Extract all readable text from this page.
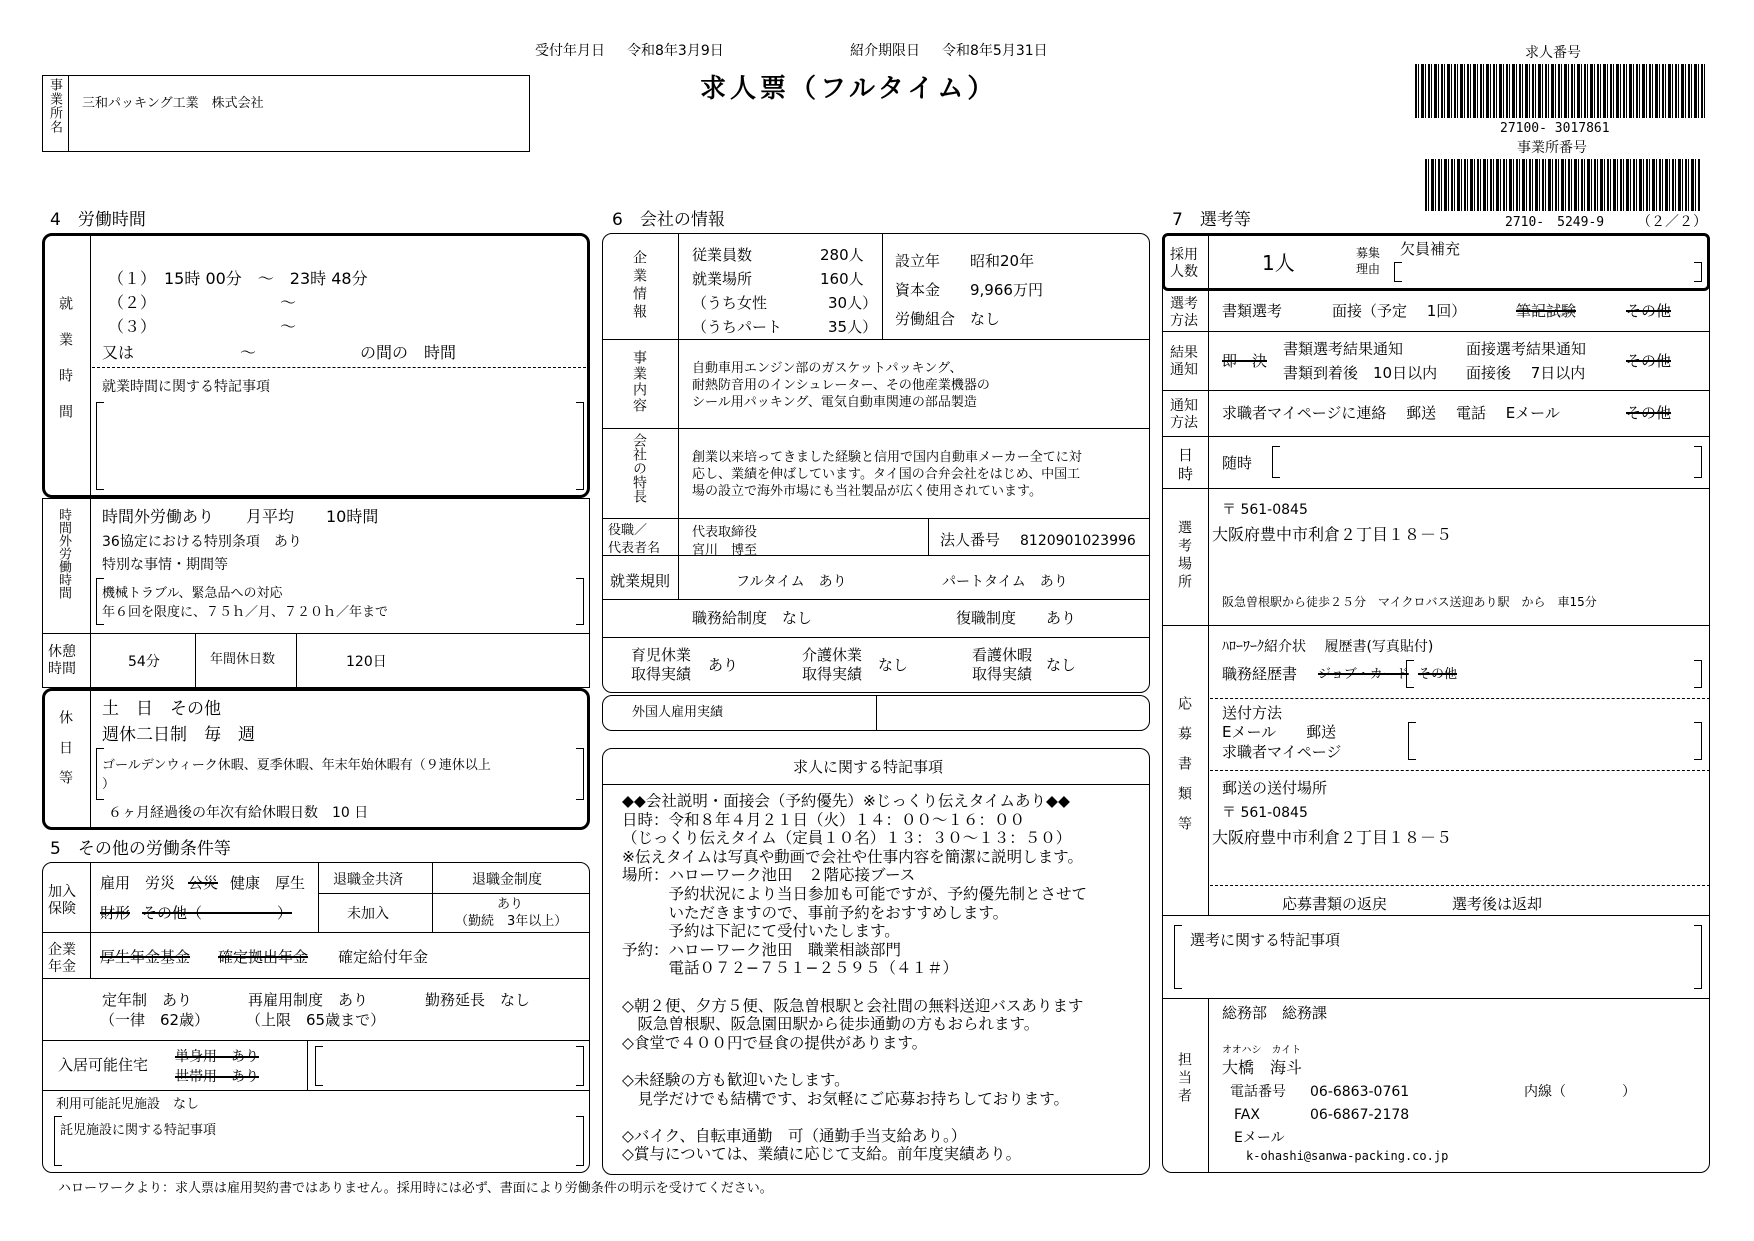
受付年月日 令和8年3月9日	紹介期限日 令和8年5月31日
求人票（フルタイム）
事業所名 三和パッキング工業　株式会社
求人番号
27100- 3017861
事業所番号
2710-　5249-9 （２／２）
4　労働時間
就業時間
（１）　15時 00分　〜　23時 48分
（２）	〜
（３）	〜
又は	〜	の間の　時間
就業時間に関する特記事項
時間外労働時間 時間外労働あり　　月平均　　10時間
36協定における特別条項　あり
特別な事情・期間等
機械トラブル、緊急品への対応
年６回を限度に、７５ｈ／月、７２０ｈ／年まで
休憩時間	54分	年間休日数	120日
休日等
土　日　その他
週休二日制　毎　週
ゴールデンウィーク休暇、夏季休暇、年末年始休暇有（９連休以上
）
６ヶ月経過後の年次有給休暇日数　10 日
5　その他の労働条件等
加入保険
雇用　労災 公災 健康　厚生
財形 その他（　　　　　）
退職金共済
未加入
退職金制度
あり
（勤続　3年以上）
企業年金
厚生年金基金 確定拠出年金 確定給付年金
定年制　あり
（一律　62歳）
再雇用制度　あり
（上限　65歳まで）
勤務延長　なし
入居可能住宅 単身用　あり
世帯用　あり
利用可能託児施設　なし
託児施設に関する特記事項
6　会社の情報
企業情報	従業員数	280人
就業場所	160人
（うち女性	30人）
（うちパート	35人）
設立年　　昭和20年
資本金　　9,966万円
労働組合　なし
事業内容	自動車用エンジン部のガスケットパッキング、
耐熱防音用のインシュレーター、その他産業機器の
シール用パッキング、電気自動車関連の部品製造
会社の特長	創業以来培ってきました経験と信用で国内自動車メーカー全てに対
応し、業績を伸ばしています。タイ国の合弁会社をはじめ、中国工
場の設立で海外市場にも当社製品が広く使用されています。
役職／
代表者名
代表取締役
宮川　博至
法人番号 8120901023996
就業規則	フルタイム　あり	パートタイム　あり
職務給制度　なし	復職制度　　あり
育児休業
取得実績 あり
介護休業
取得実績 なし
看護休暇
取得実績 なし
外国人雇用実績
求人に関する特記事項
◆◆会社説明・面接会（予約優先）※じっくり伝えタイムあり◆◆
日時：令和８年４月２１日（火）１４：００〜１６：００
（じっくり伝えタイム（定員１０名）１３：３０〜１３：５０）
※伝えタイムは写真や動画で会社や仕事内容を簡潔に説明します。
場所：ハローワーク池田　２階応接ブース
　　　予約状況により当日参加も可能ですが、予約優先制とさせて
　　　いただきますので、事前予約をおすすめします。
　　　予約は下記にて受付いたします。
予約：ハローワーク池田　職業相談部門
　　　電話０７２−７５１−２５９５（４１＃）
◇朝２便、夕方５便、阪急曽根駅と会社間の無料送迎バスあります
　阪急曽根駅、阪急園田駅から徒歩通勤の方もおられます。
◇食堂で４００円で昼食の提供があります。
◇未経験の方も歓迎いたします。
　見学だけでも結構です、お気軽にご応募お持ちしております。
◇バイク、自転車通勤　可（通勤手当支給あり。）
◇賞与については、業績に応じて支給。前年度実績あり。
7　選考等
採用人数	1人	募集理由
欠員補充
選考方法
書類選考	面接（予定　 1回）	筆記試験	その他
結果通知	即　決
書類選考結果通知
書類到着後　10日以内
面接選考結果通知
面接後　 7日以内
その他
通知方法
求職者マイページに連絡　 郵送　 電話　 Eメール	その他
日時 随時
選考場所
〒 561-0845
大阪府豊中市利倉２丁目１８－５
阪急曽根駅から徒歩２５分　マイクロバス送迎あり駅　から　車15分
応募書類等
ﾊﾛｰﾜｰｸ紹介状　 履歴書(写真貼付)
職務経歴書 ジョブ・カード その他
送付方法
Eメール　　郵送
求職者マイページ
郵送の送付場所
〒 561-0845
大阪府豊中市利倉２丁目１８－５
応募書類の返戻	選考後は返却
選考に関する特記事項
担当者
総務部　総務課
オオハシ　カイト
大橋　海斗
電話番号 06-6863-0761	内線（　　　　）
FAX	06-6867-2178
Eメール
k-ohashi@sanwa-packing.co.jp
ハローワークより：求人票は雇用契約書ではありません。採用時には必ず、書面により労働条件の明示を受けてください。
